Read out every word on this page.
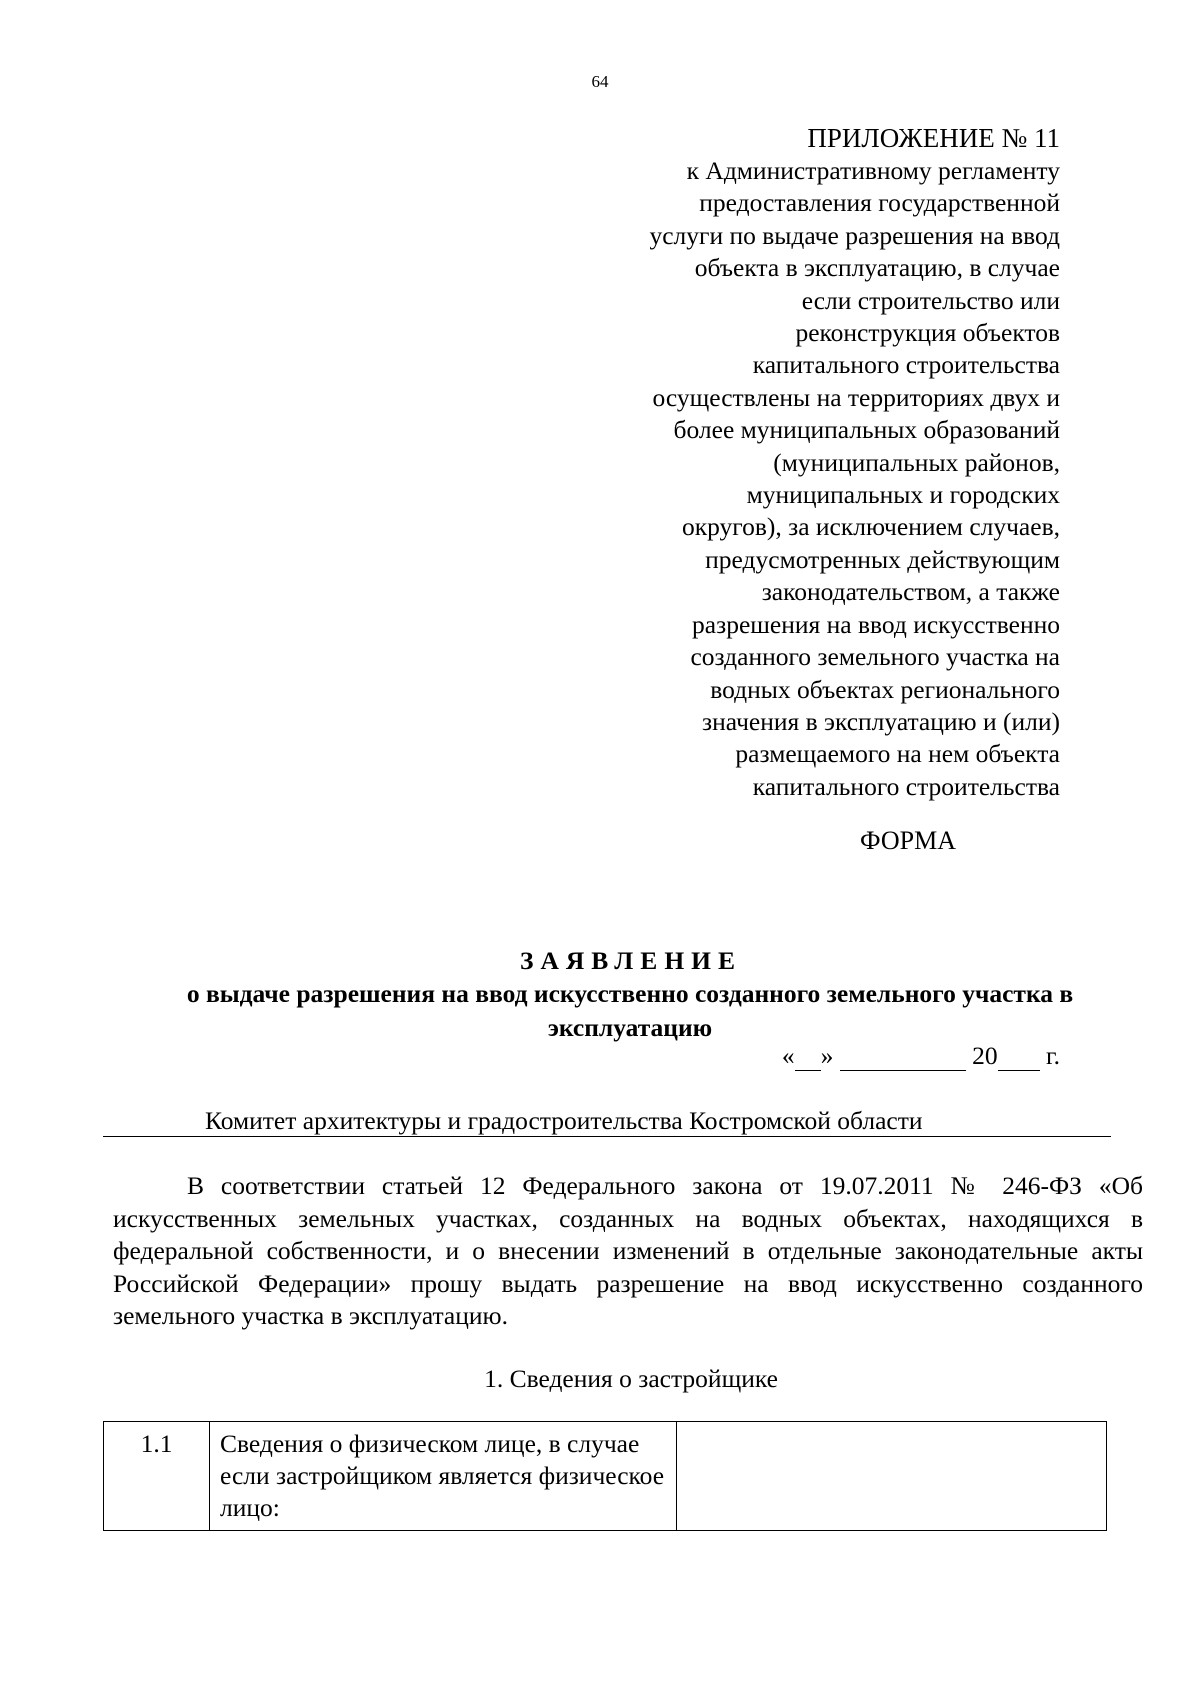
64
ПРИЛОЖЕНИЕ № 11
к Административному регламенту
предоставления государственной
услуги по выдаче разрешения на ввод
объекта в эксплуатацию, в случае
если строительство или
реконструкция объектов
капитального строительства
осуществлены на территориях двух и
более муниципальных образований
(муниципальных районов,
муниципальных и городских
округов), за исключением случаев,
предусмотренных действующим
законодательством, а также
разрешения на ввод искусственно
созданного земельного участка на
водных объектах регионального
значения в эксплуатацию и (или)
размещаемого на нем объекта
капитального строительства
ФОРМА
ЗАЯВЛЕНИЕ
о выдаче разрешения на ввод искусственно созданного земельного участка в эксплуатацию
« »	20 г.
Комитет архитектуры и градостроительства Костромской области
В соответствии статьей 12 Федерального закона от 19.07.2011 № 246-ФЗ «Об искусственных земельных участках, созданных на водных объектах, находящихся в федеральной собственности, и о внесении изменений в отдельные законодательные акты Российской Федерации» прошу выдать разрешение на ввод искусственно созданного земельного участка в эксплуатацию.
1. Сведения о застройщике
1.1	Сведения о физическом лице, в случае если застройщиком является физическое лицо:	
